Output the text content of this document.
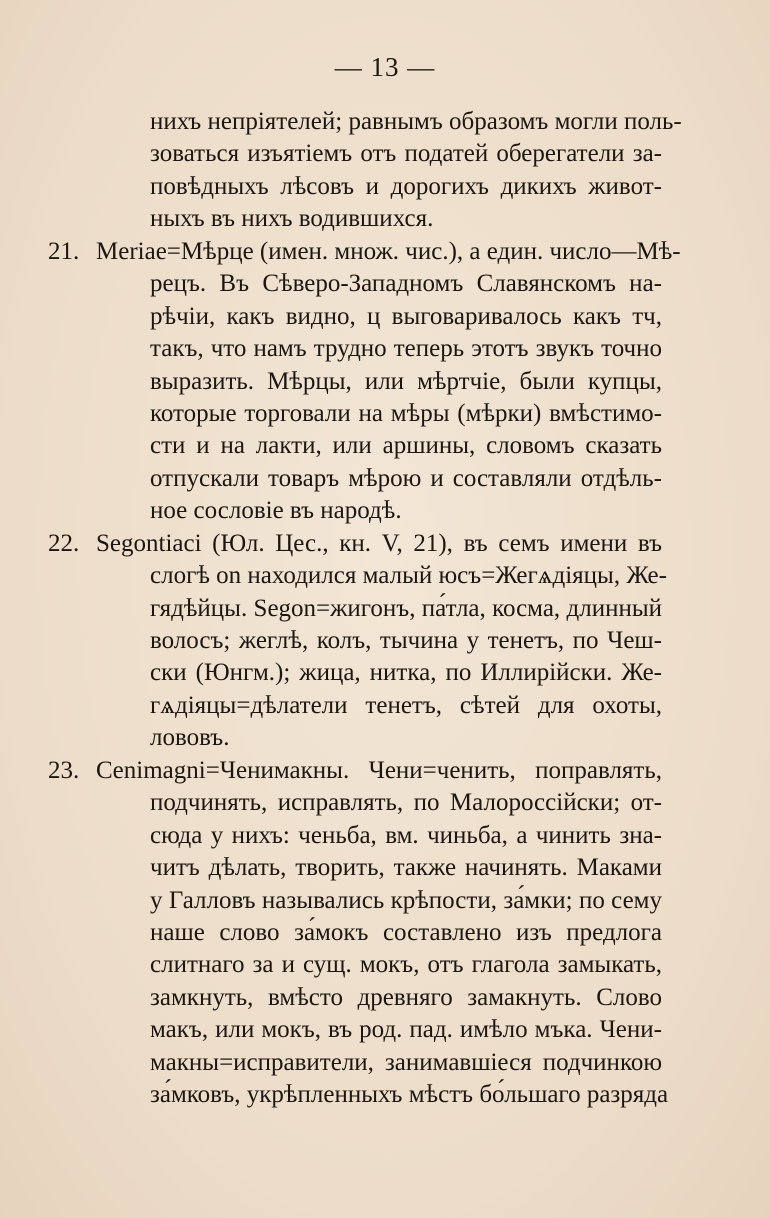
— 13 —
нихъ непріятелей; равнымъ образомъ могли поль-
зоваться изъятіемъ отъ податей оберегатели за-
повѣдныхъ лѣсовъ и дорогихъ дикихъ живот-
ныхъ въ нихъ водившихся.
21. Merіae=Мѣрце (имен. множ. чис.), а един. число—Мѣ-
рецъ. Въ Сѣверо-Западномъ Славянскомъ на-
рѣчіи, какъ видно, ц выговаривалось какъ тч,
такъ, что намъ трудно теперь этотъ звукъ точно
выразить. Мѣрцы, или мѣртчіе, были купцы,
которые торговали на мѣры (мѣрки) вмѣстимо-
сти и на лакти, или аршины, словомъ сказать
отпускали товаръ мѣрою и составляли отдѣль-
ное сословіе въ народѣ.
22. Segontiaci (Юл. Цес., кн. V, 21), въ семъ имени въ
слогѣ on находился малый юсъ=Жегѧдіяцы, Же-
гядѣйцы. Segon=жигонъ, па́тла, косма, длинный
волосъ; жеглѣ, колъ, тычина у тенетъ, по Чеш-
ски (Юнгм.); жица, нитка, по Иллирійски. Же-
гѧдіяцы=дѣлатели тенетъ, сѣтей для охоты,
лововъ.
23. Cenimagni=Ченимакны. Чени=ченить, поправлять,
подчинять, исправлять, по Малороссійски; от-
сюда у нихъ: ченьба, вм. чиньба, а чинить зна-
читъ дѣлать, творить, также начинять. Маками
у Галловъ назывались крѣпости, за́мки; по сему
наше слово за́мокъ составлено изъ предлога
слитнаго за и сущ. мокъ, отъ глагола замыкать,
замкнуть, вмѣсто древняго замакнуть. Слово
макъ, или мокъ, въ род. пад. имѣло мъка. Чени-
макны=исправители, занимавшіеся подчинкою
за́мковъ, укрѣпленныхъ мѣстъ бо́льшаго разряда
